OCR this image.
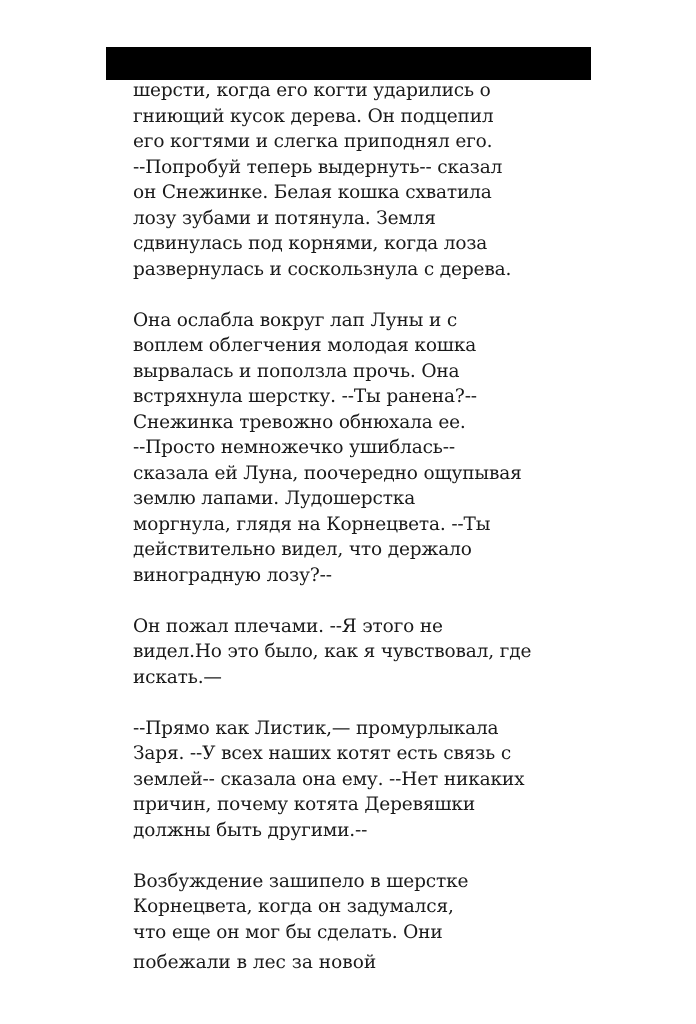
шерсти, когда его когти ударились о
гниющий кусок дерева. Он подцепил
его когтями и слегка приподнял его.
--Попробуй теперь выдернуть-- сказал
он Снежинке. Белая кошка схватила
лозу зубами и потянула. Земля
сдвинулась под корнями, когда лоза
развернулась и соскользнула с дерева.
Она ослабла вокруг лап Луны и с
воплем облегчения молодая кошка
вырвалась и поползла прочь. Она
встряхнула шерстку. --Ты ранена?--
Снежинка тревожно обнюхала ее.
--Просто немножечко ушиблась--
сказала ей Луна, поочередно ощупывая
землю лапами. Лудошерстка
моргнула, глядя на Корнецвета. --Ты
действительно видел, что держало
виноградную лозу?--
Он пожал плечами. --Я этого не
видел.Но это было, как я чувствовал, где
искать.—
--Прямо как Листик,— промурлыкала
Заря. --У всех наших котят есть связь с
землей-- сказала она ему. --Нет никаких
причин, почему котята Деревяшки
должны быть другими.--
Возбуждение зашипело в шерстке
Корнецвета, когда он задумался,
что еще он мог бы сделать. Они
побежали в лес за новой
